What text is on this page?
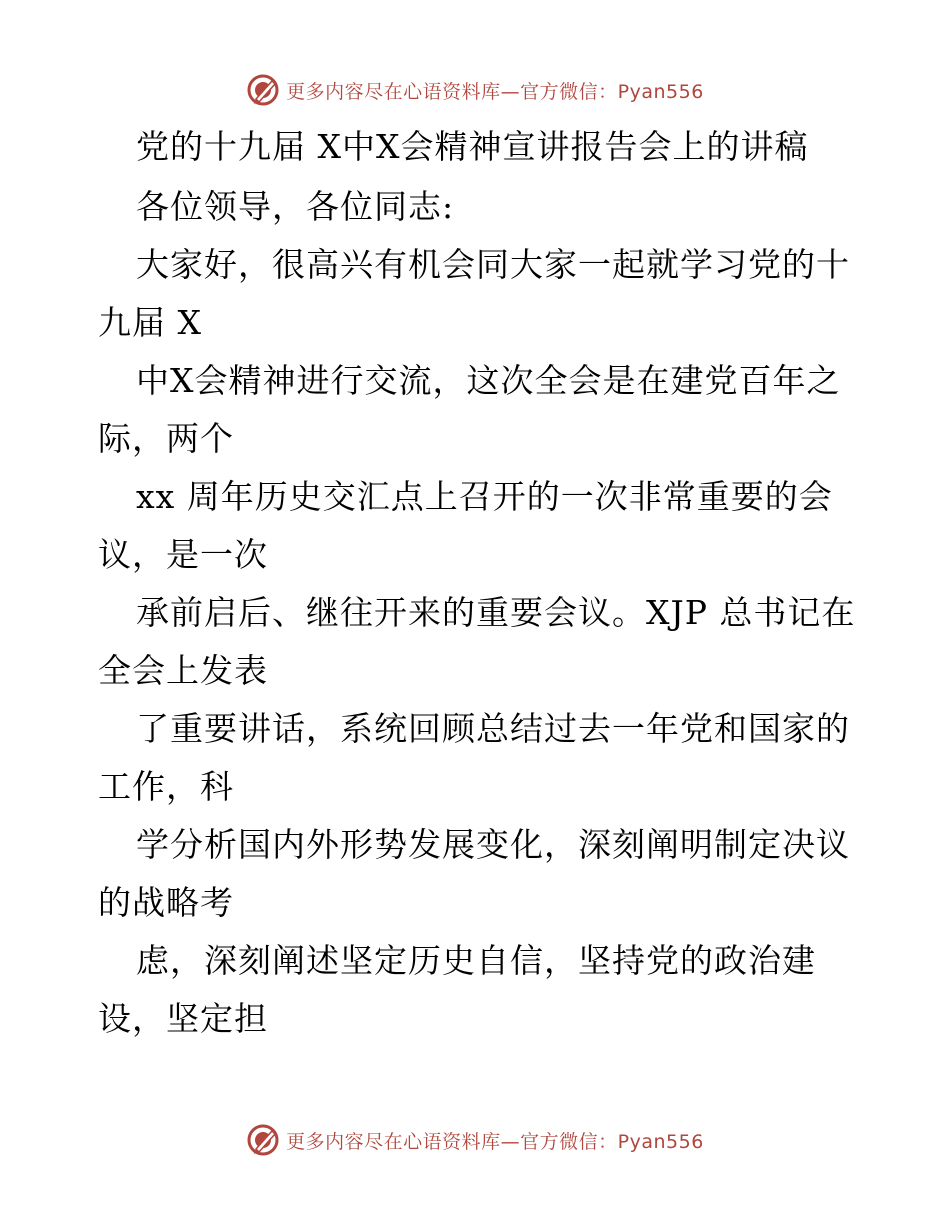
更多内容尽在心语资料库—官方微信：Pyan556
党的十九届 X中X会精神宣讲报告会上的讲稿
各位领导，各位同志:
大家好，很高兴有机会同大家一起就学习党的十
九届 X
中X会精神进行交流，这次全会是在建党百年之
际，两个
xx 周年历史交汇点上召开的一次非常重要的会
议，是一次
承前启后、继往开来的重要会议。XJP 总书记在
全会上发表
了重要讲话，系统回顾总结过去一年党和国家的
工作，科
学分析国内外形势发展变化，深刻阐明制定决议
的战略考
虑，深刻阐述坚定历史自信，坚持党的政治建
设，坚定担
更多内容尽在心语资料库—官方微信：Pyan556
